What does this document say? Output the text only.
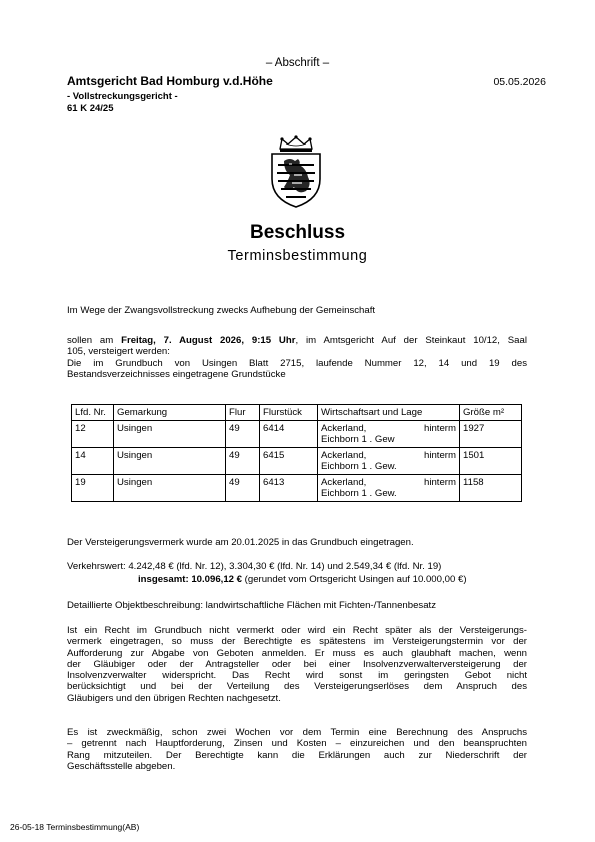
– Abschrift –
Amtsgericht Bad Homburg v.d.Höhe
- Vollstreckungsgericht -
61 K 24/25
05.05.2026
Beschluss
Terminsbestimmung
Im Wege der Zwangsvollstreckung zwecks Aufhebung der Gemeinschaft
sollen am Freitag, 7. August 2026, 9:15 Uhr, im Amtsgericht Auf der Steinkaut 10/12, Saal
105, versteigert werden:
Die im Grundbuch von Usingen Blatt 2715, laufende Nummer 12, 14 und 19 des
Bestandsverzeichnisses eingetragene Grundstücke
Lfd. Nr.	Gemarkung	Flur	Flurstück	Wirtschaftsart und Lage	Größe m²
12	Usingen	49	6414	Ackerland, hinterm
Eichborn 1 . Gew	1927
14	Usingen	49	6415	Ackerland, hinterm
Eichborn 1 . Gew.	1501
19	Usingen	49	6413	Ackerland, hinterm
Eichborn 1 . Gew.	1158
Der Versteigerungsvermerk wurde am 20.01.2025 in das Grundbuch eingetragen.
Verkehrswert: 4.242,48 € (lfd. Nr. 12), 3.304,30 € (lfd. Nr. 14) und 2.549,34 € (lfd. Nr. 19)
insgesamt: 10.096,12 € (gerundet vom Ortsgericht Usingen auf 10.000,00 €)
Detaillierte Objektbeschreibung: landwirtschaftliche Flächen mit Fichten-/Tannenbesatz
Ist ein Recht im Grundbuch nicht vermerkt oder wird ein Recht später als der Versteigerungs-
vermerk eingetragen, so muss der Berechtigte es spätestens im Versteigerungstermin vor der
Aufforderung zur Abgabe von Geboten anmelden. Er muss es auch glaubhaft machen, wenn
der Gläubiger oder der Antragsteller oder bei einer Insolvenzverwalterversteigerung der
Insolvenzverwalter widerspricht. Das Recht wird sonst im geringsten Gebot nicht
berücksichtigt und bei der Verteilung des Versteigerungserlöses dem Anspruch des
Gläubigers und den übrigen Rechten nachgesetzt.
Es ist zweckmäßig, schon zwei Wochen vor dem Termin eine Berechnung des Anspruchs
– getrennt nach Hauptforderung, Zinsen und Kosten – einzureichen und den beanspruchten
Rang mitzuteilen. Der Berechtigte kann die Erklärungen auch zur Niederschrift der
Geschäftsstelle abgeben.
26-05-18 Terminsbestimmung(AB)
